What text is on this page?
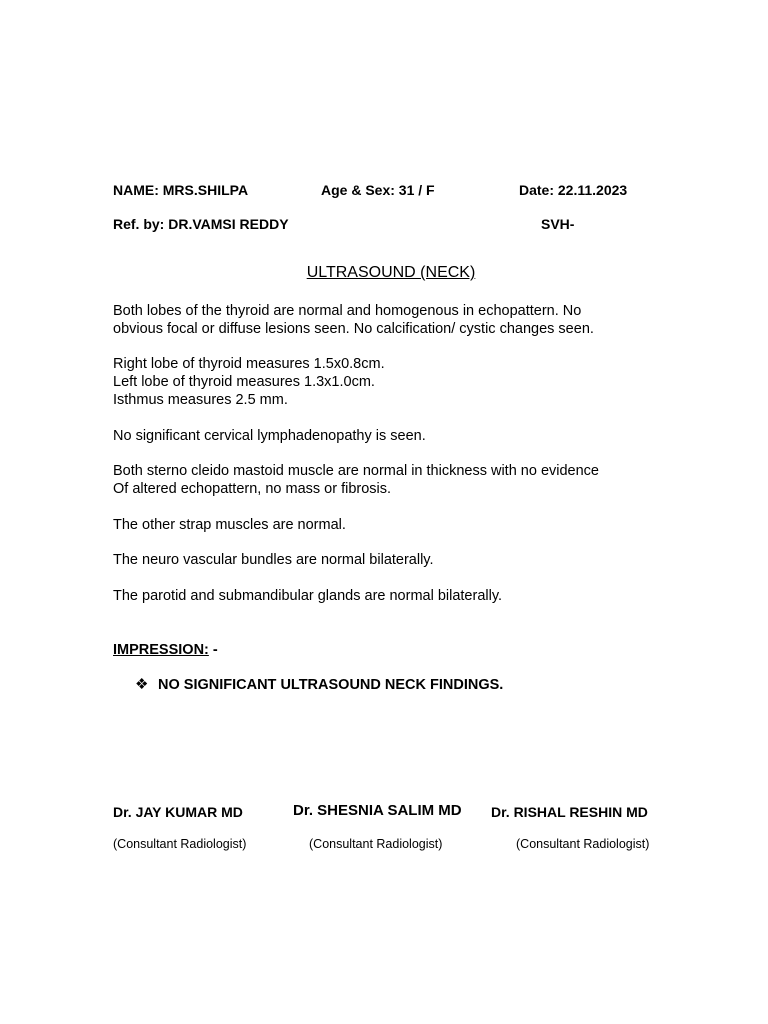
NAME: MRS.SHILPA	Age & Sex: 31 / F	Date: 22.11.2023
Ref. by: DR.VAMSI REDDY	SVH-
ULTRASOUND (NECK)
Both lobes of the thyroid are normal and homogenous in echopattern. No
obvious focal or diffuse lesions seen. No calcification/ cystic changes seen.
Right lobe of thyroid measures 1.5x0.8cm.
Left lobe of thyroid measures 1.3x1.0cm.
Isthmus measures 2.5 mm.
No significant cervical lymphadenopathy is seen.
Both sterno cleido mastoid muscle are normal in thickness with no evidence
Of altered echopattern, no mass or fibrosis.
The other strap muscles are normal.
The neuro vascular bundles are normal bilaterally.
The parotid and submandibular glands are normal bilaterally.
IMPRESSION: -
❖ NO SIGNIFICANT ULTRASOUND NECK FINDINGS.
Dr. JAY KUMAR MD
(Consultant Radiologist)
Dr. SHESNIA SALIM MD
(Consultant Radiologist)
Dr. RISHAL RESHIN MD
(Consultant Radiologist)
